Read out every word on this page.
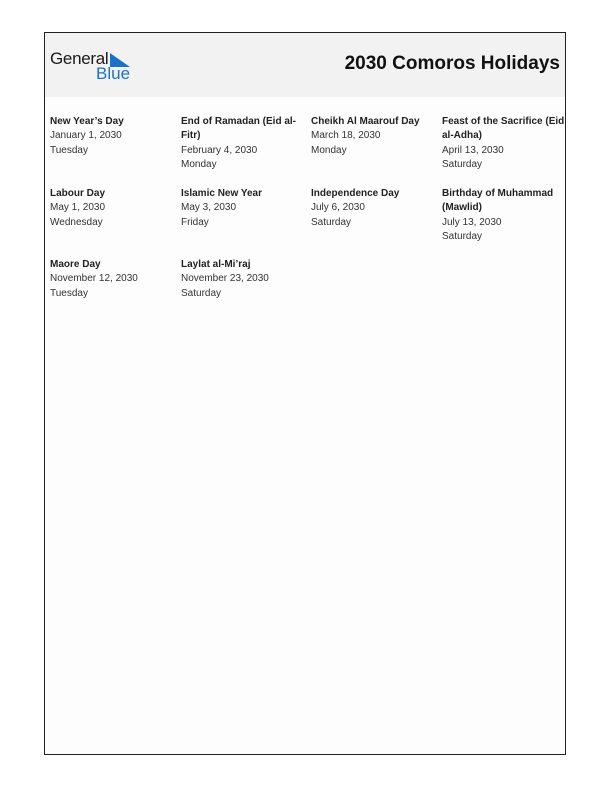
General
Blue	2030 Comoros Holidays
New Year’s Day
January 1, 2030
Tuesday
End of Ramadan (Eid al-Fitr)
February 4, 2030
Monday
Cheikh Al Maarouf Day
March 18, 2030
Monday
Feast of the Sacrifice (Eid al-Adha)
April 13, 2030
Saturday
Labour Day
May 1, 2030
Wednesday
Islamic New Year
May 3, 2030
Friday
Independence Day
July 6, 2030
Saturday
Birthday of Muhammad (Mawlid)
July 13, 2030
Saturday
Maore Day
November 12, 2030
Tuesday
Laylat al-Mi’raj
November 23, 2030
Saturday
